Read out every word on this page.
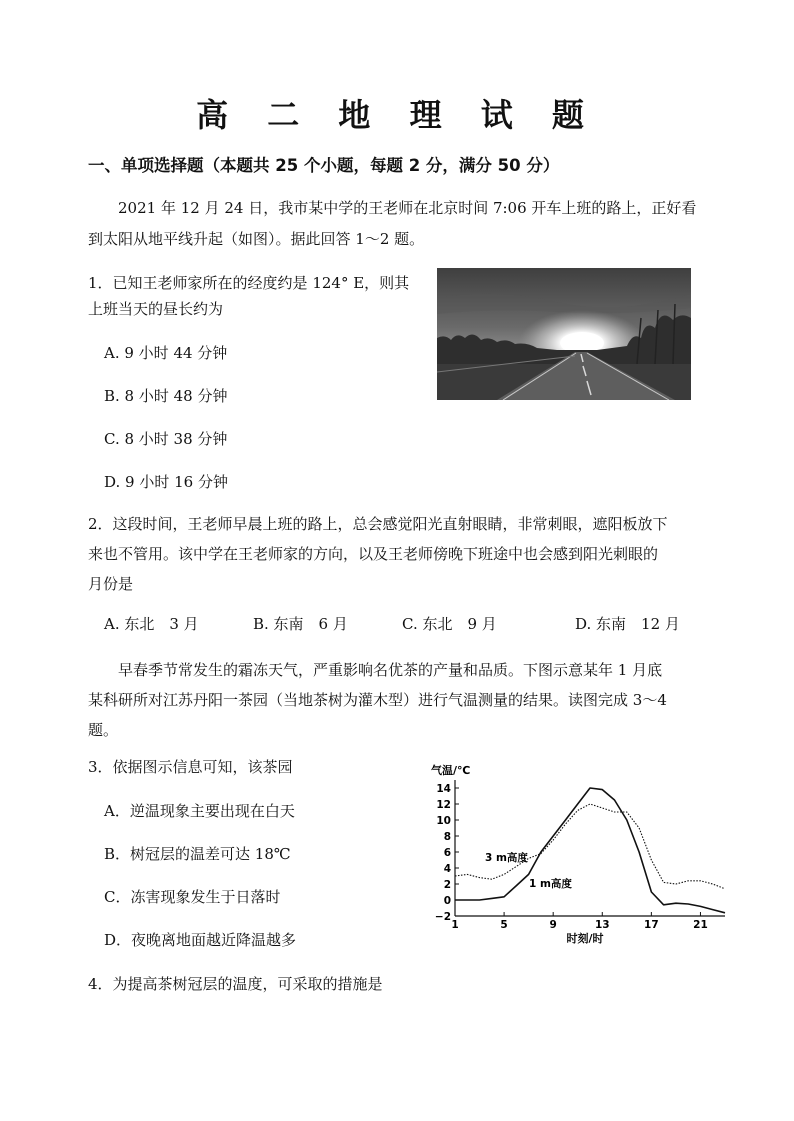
高 二 地 理 试 题
一、单项选择题（本题共 25 个小题，每题 2 分，满分 50 分）
2021 年 12 月 24 日，我市某中学的王老师在北京时间 7:06 开车上班的路上，正好看
到太阳从地平线升起（如图）。据此回答 1～2 题。
1．已知王老师家所在的经度约是 124° E，则其
上班当天的昼长约为
A. 9 小时 44 分钟
B. 8 小时 48 分钟
C. 8 小时 38 分钟
D. 9 小时 16 分钟
2．这段时间，王老师早晨上班的路上，总会感觉阳光直射眼睛，非常刺眼，遮阳板放下
来也不管用。该中学在王老师家的方向，以及王老师傍晚下班途中也会感到阳光刺眼的
月份是
A. 东北　3 月	B. 东南　6 月	C. 东北　9 月	D. 东南　12 月
早春季节常发生的霜冻天气，严重影响名优茶的产量和品质。下图示意某年 1 月底
某科研所对江苏丹阳一茶园（当地茶树为灌木型）进行气温测量的结果。读图完成 3～4
题。
3．依据图示信息可知，该茶园
A．逆温现象主要出现在白天
B．树冠层的温差可达 18℃
C．冻害现象发生于日落时
D．夜晚离地面越近降温越多
4．为提高茶树冠层的温度，可采取的措施是
气温/℃
时刻/时
−2
0
2
4
6
8
10
12
14
1	5	9	13	17	21
3 m高度
1 m高度
